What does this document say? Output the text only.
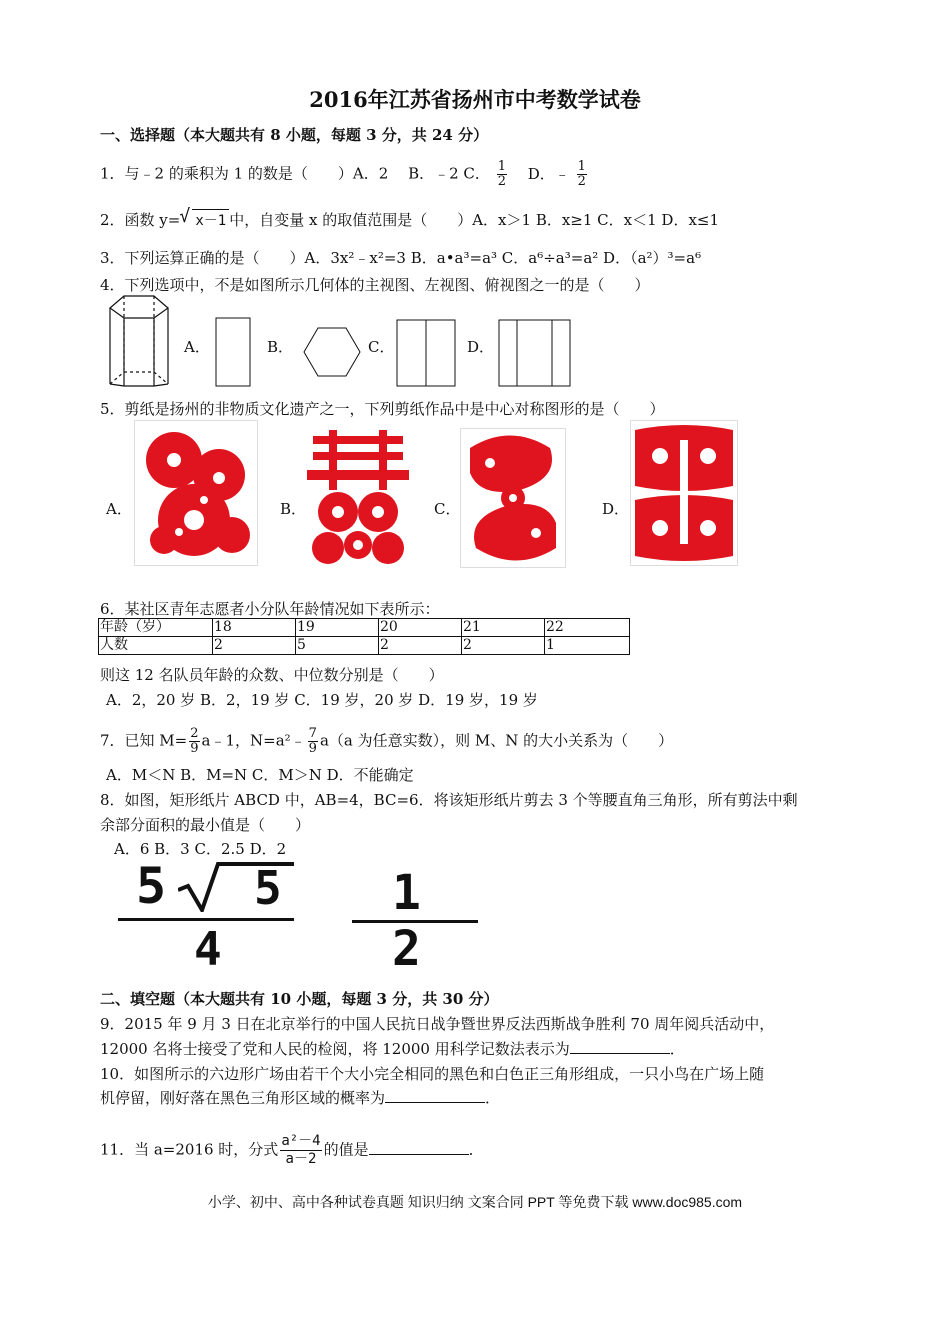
2016年江苏省扬州市中考数学试卷
一、选择题（本大题共有 8 小题，每题 3 分，共 24 分）
1．与﹣2 的乘积为 1 的数是（　　）A．2　 B．﹣2 C． $\frac{1}{2}$ D．﹣ $\frac{1}{2}$
2．函数 y= √ x－1 中，自变量 x 的取值范围是（　　）A．x＞1 B．x≥1 C．x＜1 D．x≤1
3．下列运算正确的是（　　）A．3x²﹣x²=3 B．a•a³=a³ C．a⁶÷a³=a² D．（a²）³=a⁶
4．下列选项中，不是如图所示几何体的主视图、左视图、俯视图之一的是（　　）
A．	B．	C．	D．
5．剪纸是扬州的非物质文化遗产之一，下列剪纸作品中是中心对称图形的是（　　）
A．	B．	C．	D．
6．某社区青年志愿者小分队年龄情况如下表所示：
年龄（岁）	18	19	20	21	22
人数	2	5	2	2	1
则这 12 名队员年龄的众数、中位数分别是（　　）
A．2，20 岁 B．2，19 岁 C．19 岁，20 岁 D．19 岁，19 岁
7．已知 $M= \frac{2}{9}$ a﹣1，N=a²﹣ $\frac{7}{9} a(a$ 为任意实数），则 M、N 的大小关系为（　　）
A．M＜N B．M=N C．M＞N D．不能确定
8．如图，矩形纸片 ABCD 中，AB=4，BC=6．将该矩形纸片剪去 3 个等腰直角三角形，所有剪法中剩
余部分面积的最小值是（　　）
A．6 B．3 C．2.5 D．2
5 5
4
1
2
二、填空题（本大题共有 10 小题，每题 3 分，共 30 分）
9．2015 年 9 月 3 日在北京举行的中国人民抗日战争暨世界反法西斯战争胜利 70 周年阅兵活动中，
12000 名将士接受了党和人民的检阅，将 12000 用科学记数法表示为	．
10．如图所示的六边形广场由若干个大小完全相同的黑色和白色正三角形组成，一只小鸟在广场上随
机停留，刚好落在黑色三角形区域的概率为	．
11．当 a=2016 时，分式 $\frac{\text{a²－4}}{a-2}$ 的值是	．
小学、初中、高中各种试卷真题 知识归纳 文案合同 PPT 等免费下载 www.doc985.com
